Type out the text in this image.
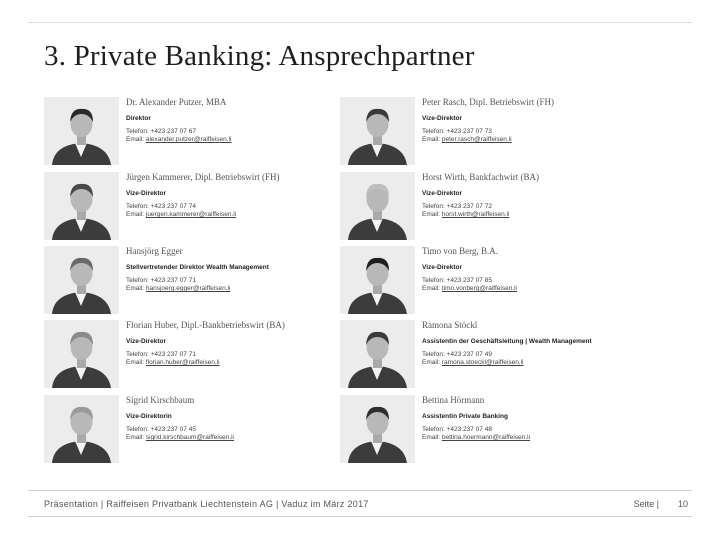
3. Private Banking: Ansprechpartner
Dr. Alexander Putzer, MBA
Direktor
Telefon: +423 237 07 67
Email: alexander.putzer@raiffeisen.li
Peter Rasch, Dipl. Betriebswirt (FH)
Vize-Direktor
Telefon: +423 237 07 73
Email: peter.rasch@raiffeisen.li
Jürgen Kammerer, Dipl. Betriebswirt (FH)
Vize-Direktor
Telefon: +423 237 07 74
Email: juergen.kammerer@raiffeisen.li
Horst Wirth, Bankfachwirt (BA)
Vize-Direktor
Telefon: +423 237 07 72
Email: horst.wirth@raiffeisen.li
Hansjörg Egger
Stellvertretender Direktor Wealth Management
Telefon: +423 237 07 71
Email: hansjoerg.egger@raiffeisen.li
Timo von Berg, B.A.
Vize-Direktor
Telefon: +423 237 07 85
Email: timo.vonberg@raiffeisen.li
Florian Huber, Dipl.-Bankbetriebswirt (BA)
Vize-Direktor
Telefon: +423 237 07 71
Email: florian.huber@raiffeisen.li
Ramona Stöckl
Assistentin der Geschäftsleitung | Wealth Management
Telefon: +423 237 07 49
Email: ramona.stoeckl@raiffeisen.li
Sigrid Kirschbaum
Vize-Direktorin
Telefon: +423 237 07 45
Email: sigrid.kirschbaum@raiffeisen.li
Bettina Hörmann
Assistentin Private Banking
Telefon: +423 237 07 48
Email: bettina.hoermann@raiffeisen.li
Präsentation | Raiffeisen Privatbank Liechtenstein AG | Vaduz im März 2017	Seite | 10
